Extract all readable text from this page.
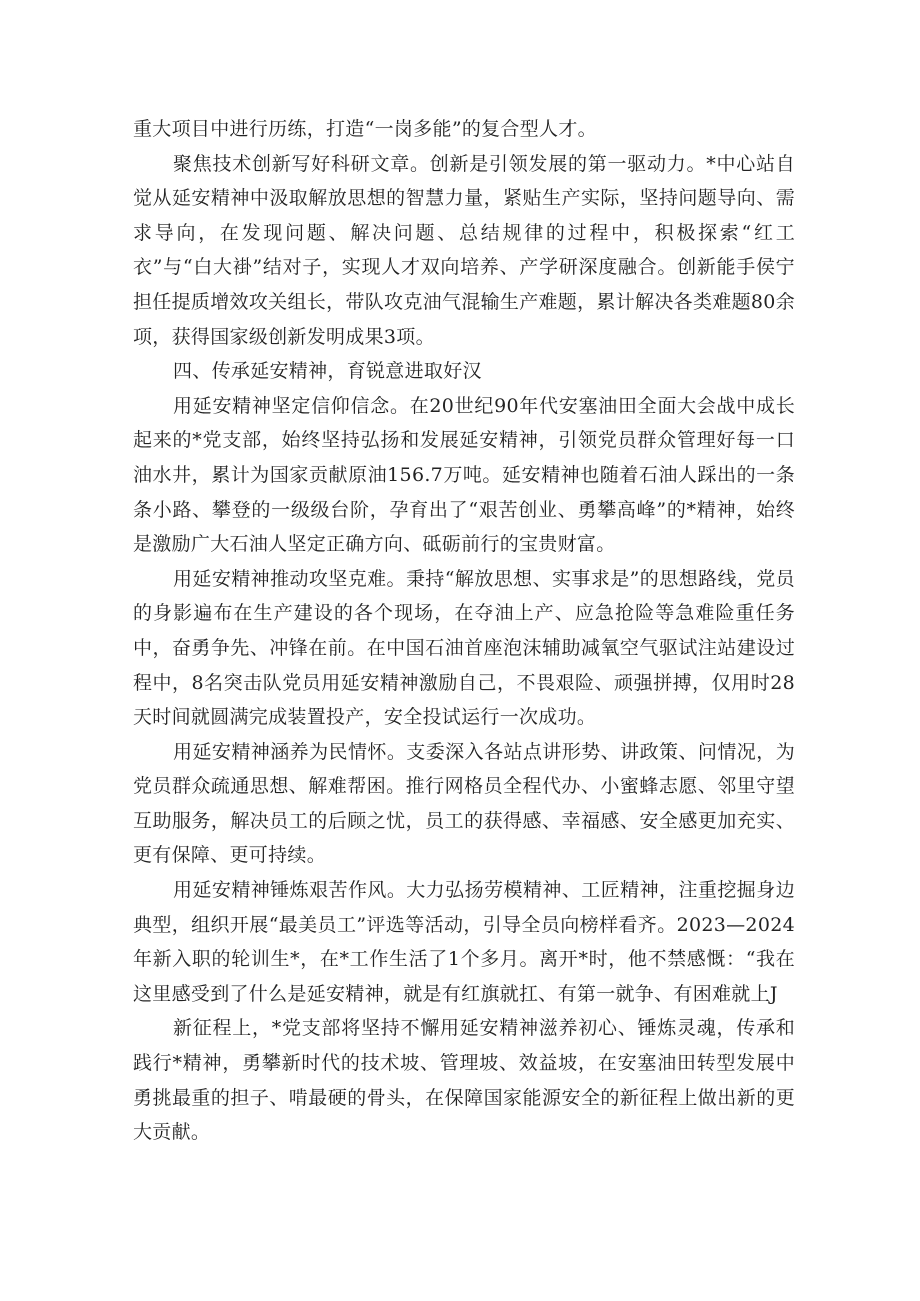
重大项目中进行历练，打造“一岗多能”的复合型人才。

聚焦技术创新写好科研文章。创新是引领发展的第一驱动力。*中心站自觉从延安精神中汲取解放思想的智慧力量，紧贴生产实际，坚持问题导向、需求导向，在发现问题、解决问题、总结规律的过程中，积极探索“红工衣”与“白大褂”结对子，实现人才双向培养、产学研深度融合。创新能手侯宁担任提质增效攻关组长，带队攻克油气混输生产难题，累计解决各类难题80余项，获得国家级创新发明成果3项。

四、传承延安精神，育锐意进取好汉

用延安精神坚定信仰信念。在20世纪90年代安塞油田全面大会战中成长起来的*党支部，始终坚持弘扬和发展延安精神，引领党员群众管理好每一口油水井，累计为国家贡献原油156.7万吨。延安精神也随着石油人踩出的一条条小路、攀登的一级级台阶，孕育出了“艰苦创业、勇攀高峰”的*精神，始终是激励广大石油人坚定正确方向、砥砺前行的宝贵财富。

用延安精神推动攻坚克难。秉持“解放思想、实事求是”的思想路线，党员的身影遍布在生产建设的各个现场，在夺油上产、应急抢险等急难险重任务中，奋勇争先、冲锋在前。在中国石油首座泡沫辅助减氧空气驱试注站建设过程中，8名突击队党员用延安精神激励自己，不畏艰险、顽强拼搏，仅用时28天时间就圆满完成装置投产，安全投试运行一次成功。

用延安精神涵养为民情怀。支委深入各站点讲形势、讲政策、问情况，为党员群众疏通思想、解难帮困。推行网格员全程代办、小蜜蜂志愿、邻里守望互助服务，解决员工的后顾之忧，员工的获得感、幸福感、安全感更加充实、更有保障、更可持续。

用延安精神锤炼艰苦作风。大力弘扬劳模精神、工匠精神，注重挖掘身边典型，组织开展“最美员工”评选等活动，引导全员向榜样看齐。2023—2024年新入职的轮训生*，在*工作生活了1个多月。离开*时，他不禁感慨：“我在这里感受到了什么是延安精神，就是有红旗就扛、有第一就争、有困难就上J

新征程上，*党支部将坚持不懈用延安精神滋养初心、锤炼灵魂，传承和践行*精神，勇攀新时代的技术坡、管理坡、效益坡，在安塞油田转型发展中勇挑最重的担子、啃最硬的骨头，在保障国家能源安全的新征程上做出新的更大贡献。
